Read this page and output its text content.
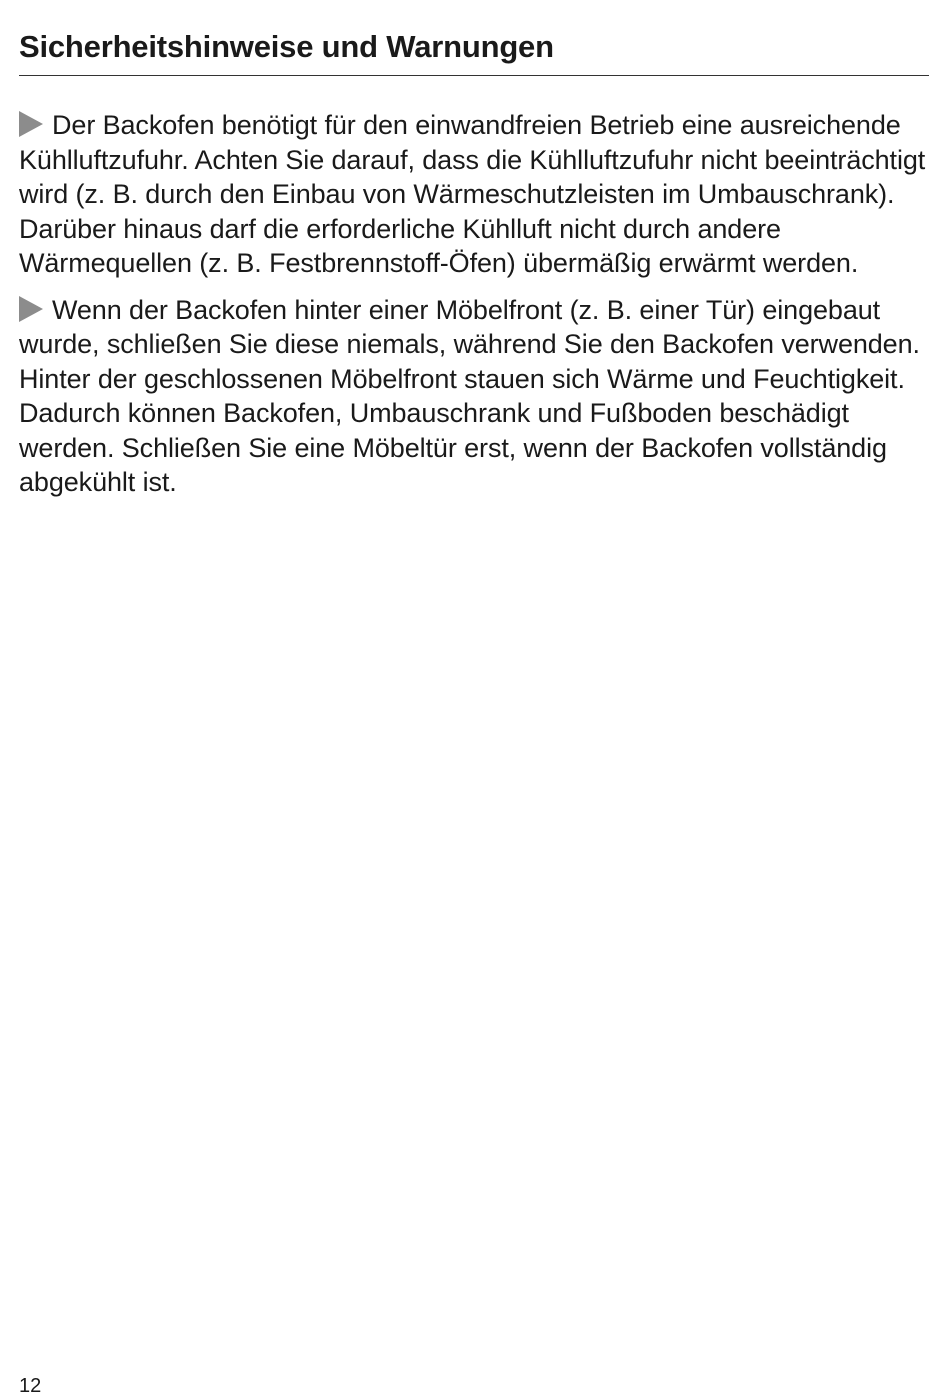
Sicherheitshinweise und Warnungen

Der Backofen benötigt für den einwandfreien Betrieb eine ausreichende Kühlluftzufuhr. Achten Sie darauf, dass die Kühlluftzufuhr nicht beeinträchtigt wird (z. B. durch den Einbau von Wärmeschutzleisten im Umbauschrank). Darüber hinaus darf die erforderliche Kühlluft nicht durch andere Wärmequellen (z. B. Festbrennstoff-Öfen) übermäßig erwärmt werden.

Wenn der Backofen hinter einer Möbelfront (z. B. einer Tür) eingebaut wurde, schließen Sie diese niemals, während Sie den Backofen verwenden. Hinter der geschlossenen Möbelfront stauen sich Wärme und Feuchtigkeit. Dadurch können Backofen, Umbauschrank und Fußboden beschädigt werden. Schließen Sie eine Möbeltür erst, wenn der Backofen vollständig abgekühlt ist.

12
